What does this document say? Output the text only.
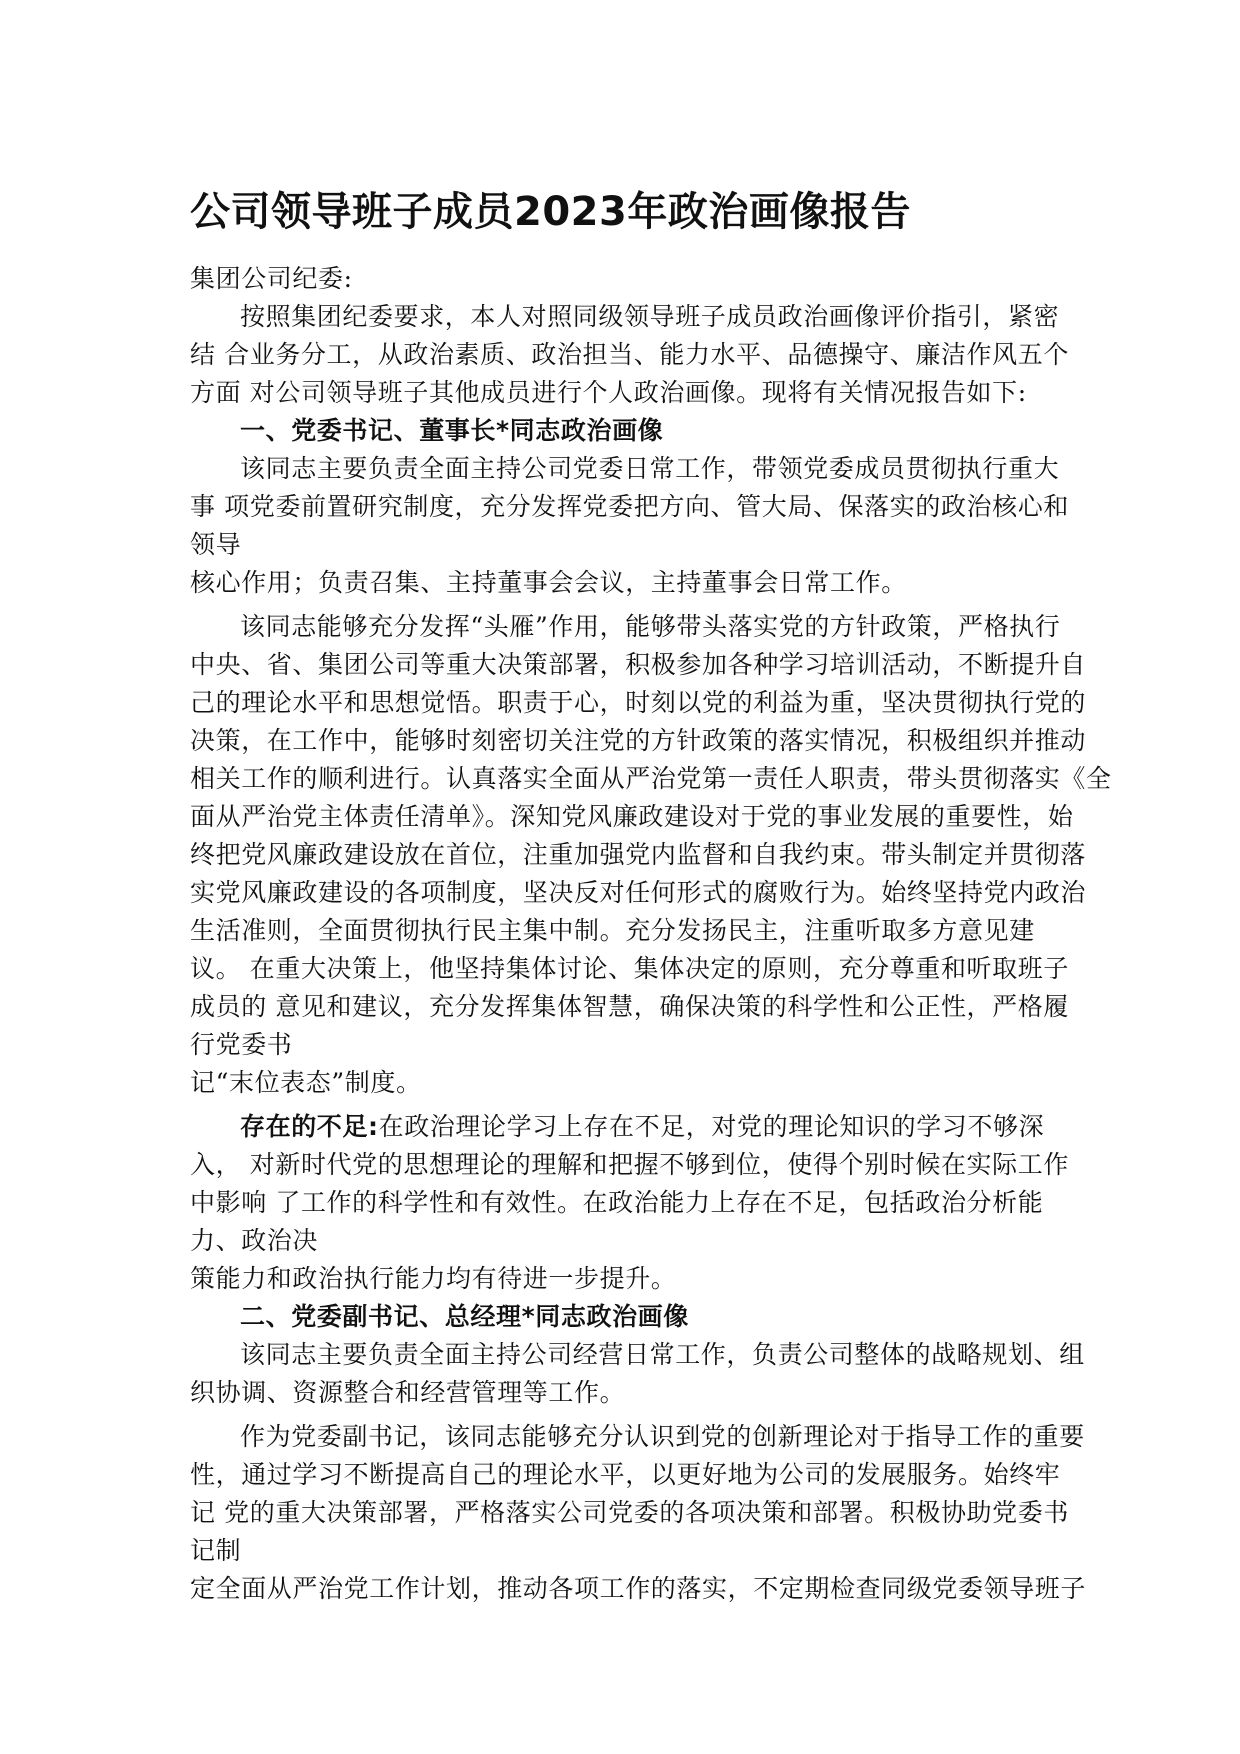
公司领导班子成员2023年政治画像报告

集团公司纪委:

按照集团纪委要求，本人对照同级领导班子成员政治画像评价指引，紧密

结 合业务分工，从政治素质、政治担当、能力水平、品德操守、廉洁作风五个

方面 对公司领导班子其他成员进行个人政治画像。现将有关情况报告如下:

一、党委书记、董事长*同志政治画像

该同志主要负责全面主持公司党委日常工作，带领党委成员贯彻执行重大

事 项党委前置研究制度，充分发挥党委把方向、管大局、保落实的政治核心和

领导

核心作用；负责召集、主持董事会会议，主持董事会日常工作。

该同志能够充分发挥“头雁”作用，能够带头落实党的方针政策，严格执行

中央、省、集团公司等重大决策部署，积极参加各种学习培训活动，不断提升自

己的理论水平和思想觉悟。职责于心，时刻以党的利益为重，坚决贯彻执行党的

决策，在工作中，能够时刻密切关注党的方针政策的落实情况，积极组织并推动

相关工作的顺利进行。认真落实全面从严治党第一责任人职责，带头贯彻落实《全

面从严治党主体责任清单》。深知党风廉政建设对于党的事业发展的重要性，始

终把党风廉政建设放在首位，注重加强党内监督和自我约束。带头制定并贯彻落

实党风廉政建设的各项制度，坚决反对任何形式的腐败行为。始终坚持党内政治

生活准则，全面贯彻执行民主集中制。充分发扬民主，注重听取多方意见建

议。 在重大决策上，他坚持集体讨论、集体决定的原则，充分尊重和听取班子

成员的 意见和建议，充分发挥集体智慧，确保决策的科学性和公正性，严格履

行党委书

记“末位表态”制度。

存在的不足:在政治理论学习上存在不足，对党的理论知识的学习不够深

入， 对新时代党的思想理论的理解和把握不够到位，使得个别时候在实际工作

中影响 了工作的科学性和有效性。在政治能力上存在不足，包括政治分析能

力、政治决

策能力和政治执行能力均有待进一步提升。

二、党委副书记、总经理*同志政治画像

该同志主要负责全面主持公司经营日常工作，负责公司整体的战略规划、组

织协调、资源整合和经营管理等工作。

作为党委副书记，该同志能够充分认识到党的创新理论对于指导工作的重要

性，通过学习不断提高自己的理论水平，以更好地为公司的发展服务。始终牢

记 党的重大决策部署，严格落实公司党委的各项决策和部署。积极协助党委书

记制

定全面从严治党工作计划，推动各项工作的落实，不定期检查同级党委领导班子
